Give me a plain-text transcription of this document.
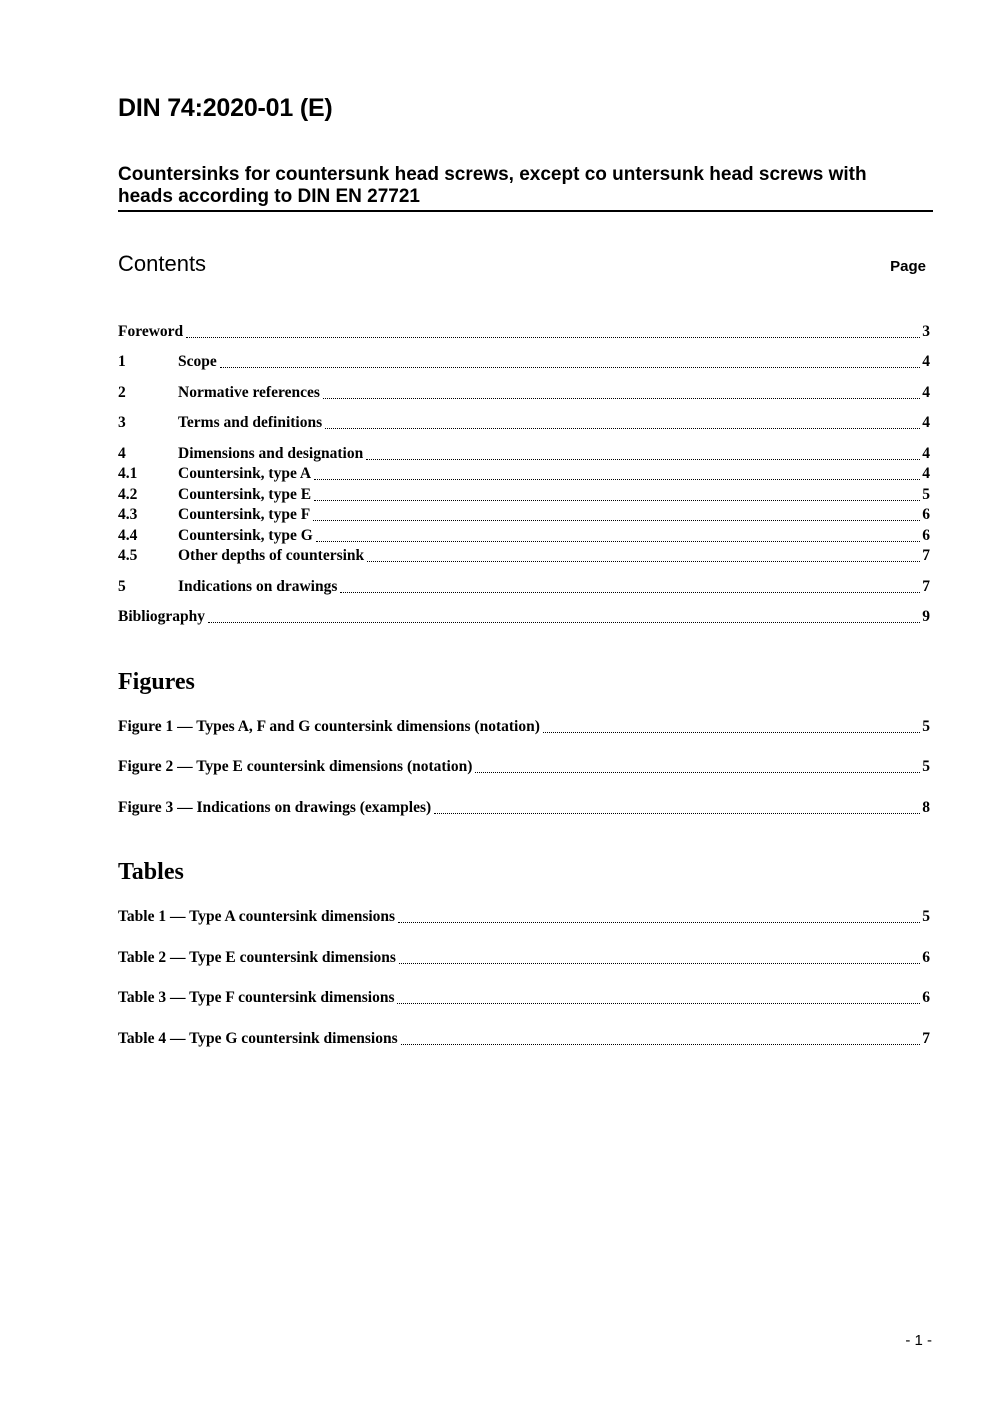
DIN 74:2020-01 (E)
Countersinks for countersunk head screws, except co untersunk head screws with
heads according to DIN EN 27721
Contents	Page
Foreword	3
1	Scope	4
2	Normative references	4
3	Terms and definitions	4
4	Dimensions and designation	4
4.1	Countersink, type A	4
4.2	Countersink, type E	5
4.3	Countersink, type F	6
4.4	Countersink, type G	6
4.5	Other depths of countersink	7
5	Indications on drawings	7
Bibliography	9
Figures
Figure 1 — Types A, F and G countersink dimensions (notation)	5
Figure 2 — Type E countersink dimensions (notation)	5
Figure 3 — Indications on drawings (examples)	8
Tables
Table 1 — Type A countersink dimensions	5
Table 2 — Type E countersink dimensions	6
Table 3 — Type F countersink dimensions	6
Table 4 — Type G countersink dimensions	7
- 1 -
